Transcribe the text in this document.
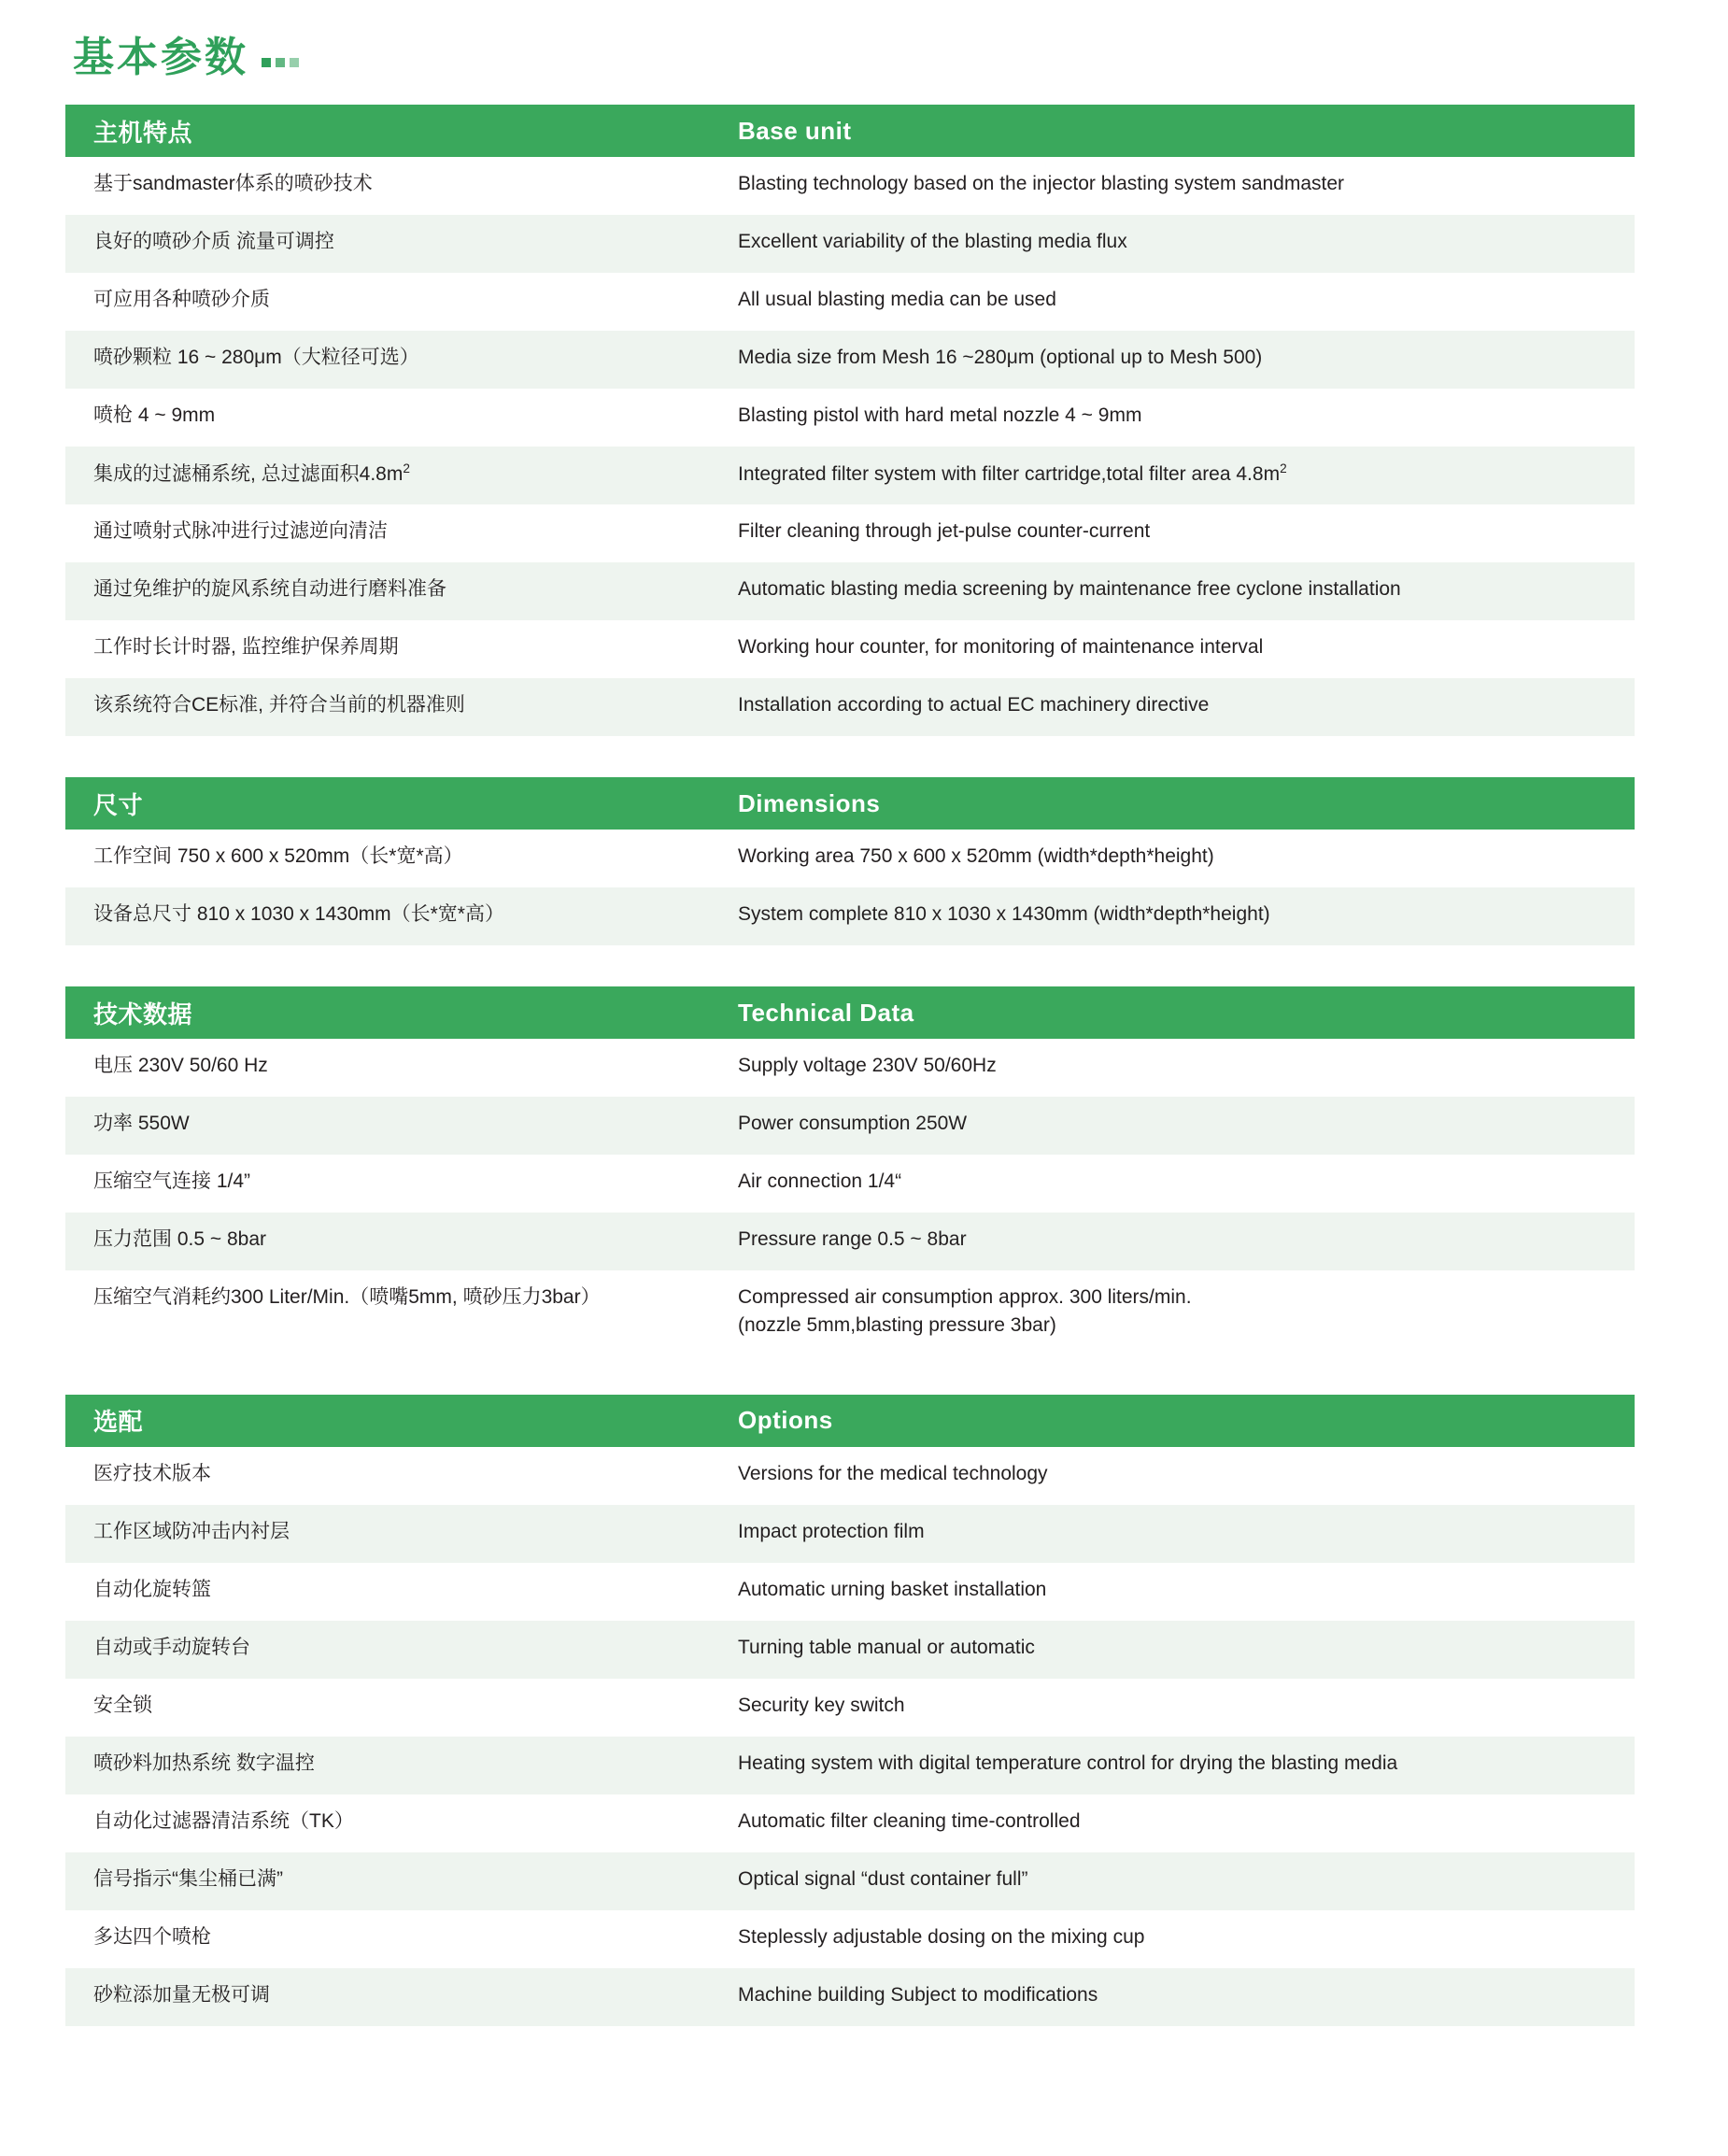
基本参数
主机特点	Base unit
基于sandmaster体系的喷砂技术	Blasting technology based on the injector blasting system sandmaster
良好的喷砂介质 流量可调控	Excellent variability of the blasting media flux
可应用各种喷砂介质	All usual blasting media can be used
喷砂颗粒 16 ~ 280μm（大粒径可选）	Media size from Mesh 16 ~280μm (optional up to Mesh 500)
喷枪 4 ~ 9mm	Blasting pistol with hard metal nozzle 4 ~ 9mm
集成的过滤桶系统, 总过滤面积$4.8m^2$	Integrated filter system with filter cartridge,total filter area $4.8m^2$
通过喷射式脉冲进行过滤逆向清洁	Filter cleaning through jet-pulse counter-current
通过免维护的旋风系统自动进行磨料准备	Automatic blasting media screening by maintenance free cyclone installation
工作时长计时器, 监控维护保养周期	Working hour counter, for monitoring of maintenance interval
该系统符合CE标准, 并符合当前的机器准则	Installation according to actual EC machinery directive
尺寸	Dimensions
工作空间 750 x 600 x 520mm（长*宽*高）	Working area 750 x 600 x 520mm (width*depth*height)
设备总尺寸 810 x 1030 x 1430mm（长*宽*高）	System complete 810 x 1030 x 1430mm (width*depth*height)
技术数据	Technical Data
电压 230V 50/60 Hz	Supply voltage 230V 50/60Hz
功率 550W	Power consumption 250W
压缩空气连接 1/4”	Air connection 1/4“
压力范围 0.5 ~ 8bar	Pressure range 0.5 ~ 8bar
压缩空气消耗约300 Liter/Min.（喷嘴5mm, 喷砂压力3bar）	Compressed air consumption approx. 300 liters/min.
(nozzle 5mm,blasting pressure 3bar)
选配	Options
医疗技术版本	Versions for the medical technology
工作区域防冲击内衬层	Impact protection film
自动化旋转篮	Automatic urning basket installation
自动或手动旋转台	Turning table manual or automatic
安全锁	Security key switch
喷砂料加热系统 数字温控	Heating system with digital temperature control for drying the blasting media
自动化过滤器清洁系统（TK）	Automatic filter cleaning time-controlled
信号指示“集尘桶已满”	Optical signal “dust container full”
多达四个喷枪	Steplessly adjustable dosing on the mixing cup
砂粒添加量无极可调	Machine building Subject to modifications
